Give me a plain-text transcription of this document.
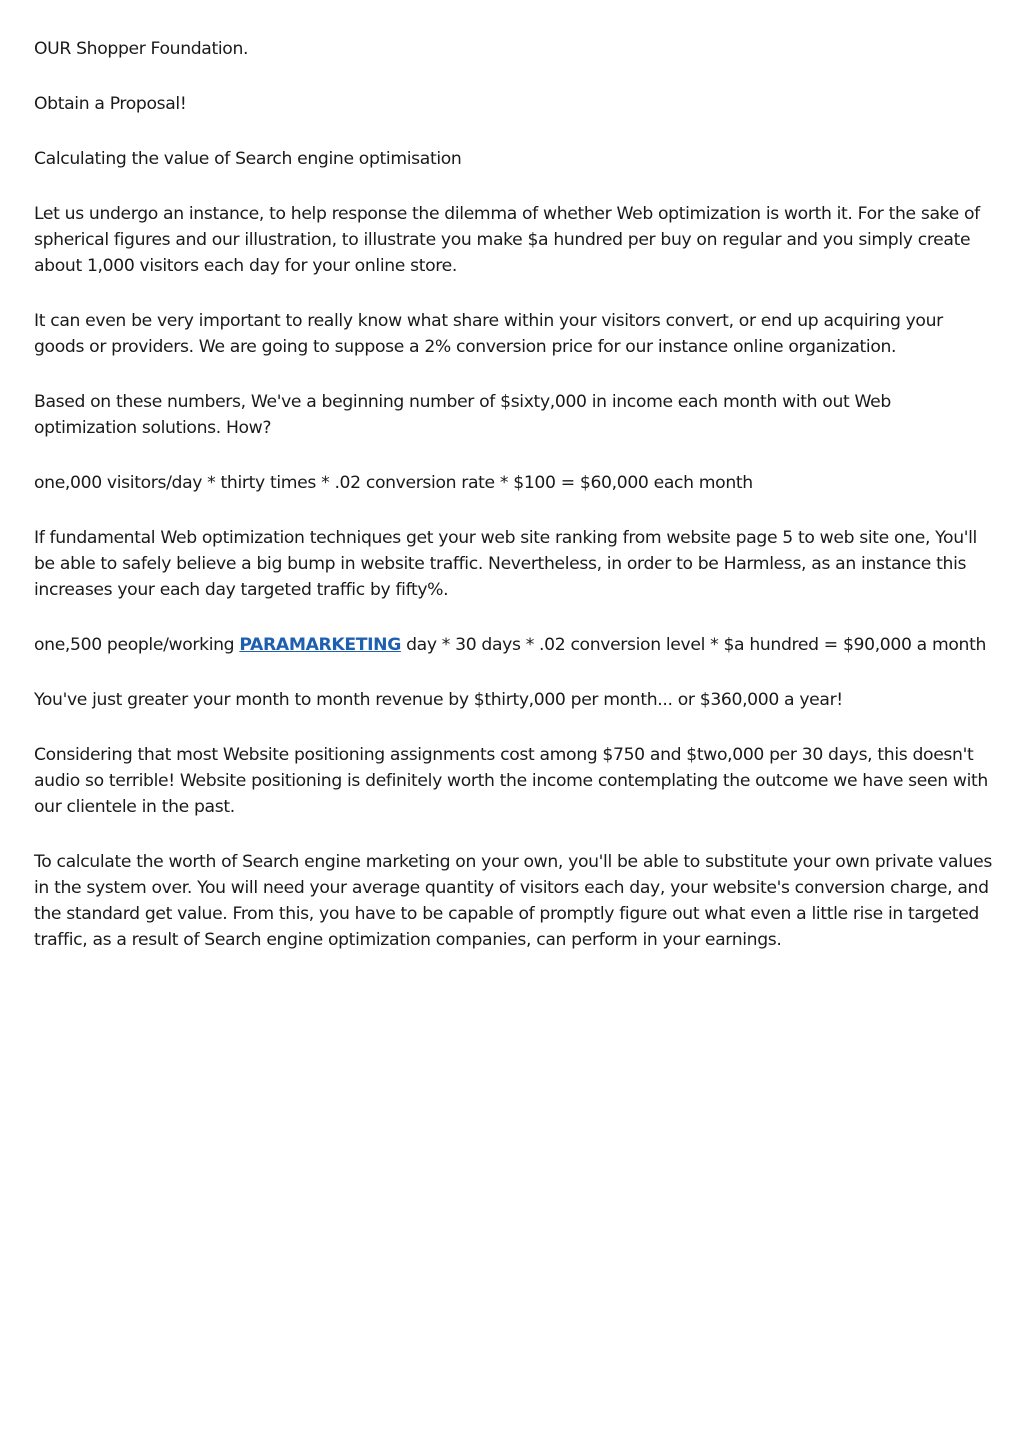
OUR Shopper Foundation.

Obtain a Proposal!

Calculating the value of Search engine optimisation

Let us undergo an instance, to help response the dilemma of whether Web optimization is worth it. For the sake of spherical figures and our illustration, to illustrate you make $a hundred per buy on regular and you simply create about 1,000 visitors each day for your online store.

It can even be very important to really know what share within your visitors convert, or end up acquiring your goods or providers. We are going to suppose a 2% conversion price for our instance online organization.

Based on these numbers, We've a beginning number of $sixty,000 in income each month with out Web optimization solutions. How?

one,000 visitors/day * thirty times * .02 conversion rate * $100 = $60,000 each month

If fundamental Web optimization techniques get your web site ranking from website page 5 to web site one, You'll be able to safely believe a big bump in website traffic. Nevertheless, in order to be Harmless, as an instance this increases your each day targeted traffic by fifty%.

one,500 people/working PARAMARKETING day * 30 days * .02 conversion level * $a hundred = $90,000 a month

You've just greater your month to month revenue by $thirty,000 per month... or $360,000 a year!

Considering that most Website positioning assignments cost among $750 and $two,000 per 30 days, this doesn't audio so terrible! Website positioning is definitely worth the income contemplating the outcome we have seen with our clientele in the past.

To calculate the worth of Search engine marketing on your own, you'll be able to substitute your own private values in the system over. You will need your average quantity of visitors each day, your website's conversion charge, and the standard get value. From this, you have to be capable of promptly figure out what even a little rise in targeted traffic, as a result of Search engine optimization companies, can perform in your earnings.
